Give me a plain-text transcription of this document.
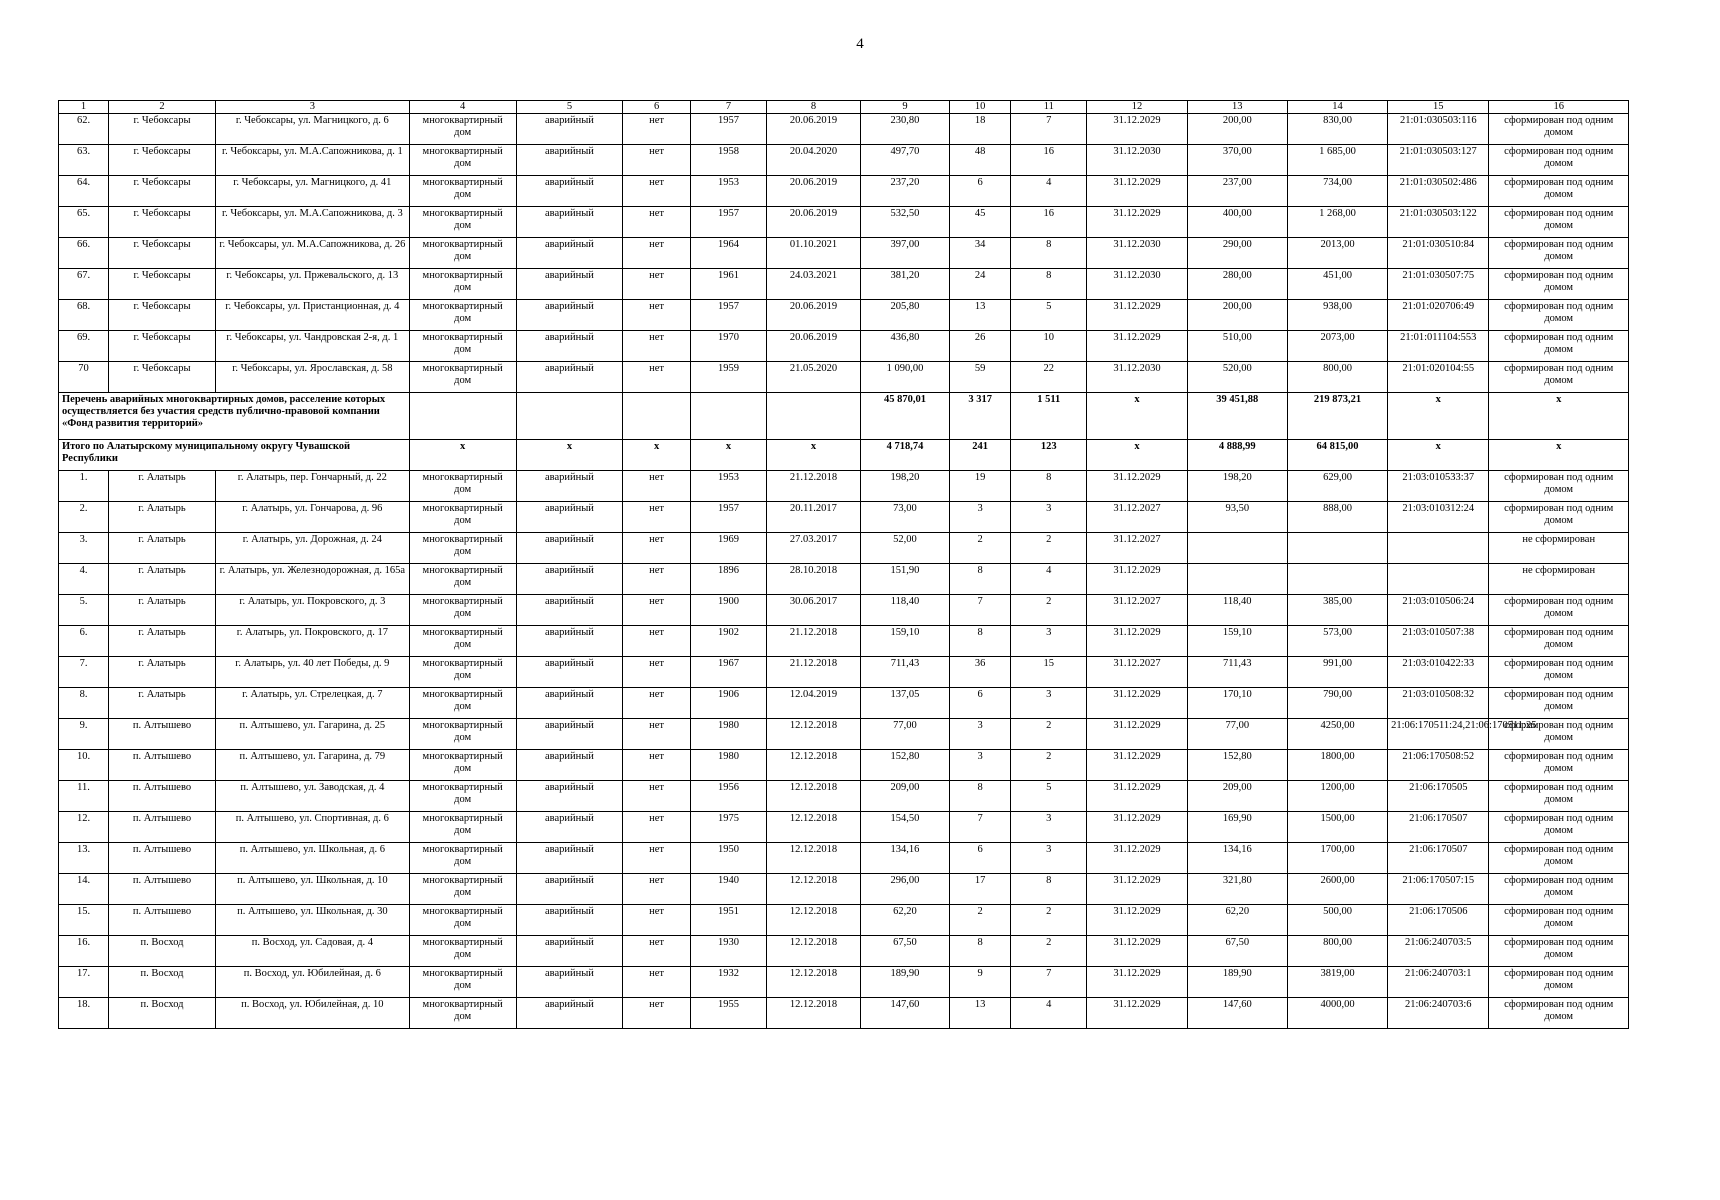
4
1	2	3	4	5	6	7	8	9	10	11	12	13	14	15	16
62.	г. Чебоксары	г. Чебоксары, ул. Магницкого, д. 6	многоквартирный дом	аварийный	нет	1957	20.06.2019	230,80	18	7	31.12.2029	200,00	830,00	21:01:030503:116	сформирован под одним домом
63.	г. Чебоксары	г. Чебоксары, ул. М.А.Сапожникова, д. 1	многоквартирный дом	аварийный	нет	1958	20.04.2020	497,70	48	16	31.12.2030	370,00	1 685,00	21:01:030503:127	сформирован под одним домом
64.	г. Чебоксары	г. Чебоксары, ул. Магницкого, д. 41	многоквартирный дом	аварийный	нет	1953	20.06.2019	237,20	6	4	31.12.2029	237,00	734,00	21:01:030502:486	сформирован под одним домом
65.	г. Чебоксары	г. Чебоксары, ул. М.А.Сапожникова, д. 3	многоквартирный дом	аварийный	нет	1957	20.06.2019	532,50	45	16	31.12.2029	400,00	1 268,00	21:01:030503:122	сформирован под одним домом
66.	г. Чебоксары	г. Чебоксары, ул. М.А.Сапожникова, д. 26	многоквартирный дом	аварийный	нет	1964	01.10.2021	397,00	34	8	31.12.2030	290,00	2013,00	21:01:030510:84	сформирован под одним домом
67.	г. Чебоксары	г. Чебоксары, ул. Пржевальского, д. 13	многоквартирный дом	аварийный	нет	1961	24.03.2021	381,20	24	8	31.12.2030	280,00	451,00	21:01:030507:75	сформирован под одним домом
68.	г. Чебоксары	г. Чебоксары, ул. Пристанционная, д. 4	многоквартирный дом	аварийный	нет	1957	20.06.2019	205,80	13	5	31.12.2029	200,00	938,00	21:01:020706:49	сформирован под одним домом
69.	г. Чебоксары	г. Чебоксары, ул. Чандровская 2-я, д. 1	многоквартирный дом	аварийный	нет	1970	20.06.2019	436,80	26	10	31.12.2029	510,00	2073,00	21:01:011104:553	сформирован под одним домом
70	г. Чебоксары	г. Чебоксары, ул. Ярославская, д. 58	многоквартирный дом	аварийный	нет	1959	21.05.2020	1 090,00	59	22	31.12.2030	520,00	800,00	21:01:020104:55	сформирован под одним домом
Перечень аварийных многоквартирных домов, расселение которых осуществляется без участия средств публично-правовой компании «Фонд развития территорий»								45 870,01	3 317	1 511	x	39 451,88	219 873,21	x	x
Итого по Алатырскому муниципальному округу Чувашской Республики			x	x	x	x	x	4 718,74	241	123	x	4 888,99	64 815,00	x	x
1.	г. Алатырь	г. Алатырь, пер. Гончарный, д. 22	многоквартирный дом	аварийный	нет	1953	21.12.2018	198,20	19	8	31.12.2029	198,20	629,00	21:03:010533:37	сформирован под одним домом
2.	г. Алатырь	г. Алатырь, ул. Гончарова, д. 96	многоквартирный дом	аварийный	нет	1957	20.11.2017	73,00	3	3	31.12.2027	93,50	888,00	21:03:010312:24	сформирован под одним домом
3.	г. Алатырь	г. Алатырь, ул. Дорожная, д. 24	многоквартирный дом	аварийный	нет	1969	27.03.2017	52,00	2	2	31.12.2027				не сформирован
4.	г. Алатырь	г. Алатырь, ул. Железнодорожная, д. 165а	многоквартирный дом	аварийный	нет	1896	28.10.2018	151,90	8	4	31.12.2029				не сформирован
5.	г. Алатырь	г. Алатырь, ул. Покровского, д. 3	многоквартирный дом	аварийный	нет	1900	30.06.2017	118,40	7	2	31.12.2027	118,40	385,00	21:03:010506:24	сформирован под одним домом
6.	г. Алатырь	г. Алатырь, ул. Покровского, д. 17	многоквартирный дом	аварийный	нет	1902	21.12.2018	159,10	8	3	31.12.2029	159,10	573,00	21:03:010507:38	сформирован под одним домом
7.	г. Алатырь	г. Алатырь, ул. 40 лет Победы, д. 9	многоквартирный дом	аварийный	нет	1967	21.12.2018	711,43	36	15	31.12.2027	711,43	991,00	21:03:010422:33	сформирован под одним домом
8.	г. Алатырь	г. Алатырь, ул. Стрелецкая, д. 7	многоквартирный дом	аварийный	нет	1906	12.04.2019	137,05	6	3	31.12.2029	170,10	790,00	21:03:010508:32	сформирован под одним домом
9.	п. Алтышево	п. Алтышево, ул. Гагарина, д. 25	многоквартирный дом	аварийный	нет	1980	12.12.2018	77,00	3	2	31.12.2029	77,00	4250,00	21:06:170511:24,21:06:170511:25	сформирован под одним домом
10.	п. Алтышево	п. Алтышево, ул. Гагарина, д. 79	многоквартирный дом	аварийный	нет	1980	12.12.2018	152,80	3	2	31.12.2029	152,80	1800,00	21:06:170508:52	сформирован под одним домом
11.	п. Алтышево	п. Алтышево, ул. Заводская, д. 4	многоквартирный дом	аварийный	нет	1956	12.12.2018	209,00	8	5	31.12.2029	209,00	1200,00	21:06:170505	сформирован под одним домом
12.	п. Алтышево	п. Алтышево, ул. Спортивная, д. 6	многоквартирный дом	аварийный	нет	1975	12.12.2018	154,50	7	3	31.12.2029	169,90	1500,00	21:06:170507	сформирован под одним домом
13.	п. Алтышево	п. Алтышево, ул. Школьная, д. 6	многоквартирный дом	аварийный	нет	1950	12.12.2018	134,16	6	3	31.12.2029	134,16	1700,00	21:06:170507	сформирован под одним домом
14.	п. Алтышево	п. Алтышево, ул. Школьная, д. 10	многоквартирный дом	аварийный	нет	1940	12.12.2018	296,00	17	8	31.12.2029	321,80	2600,00	21:06:170507:15	сформирован под одним домом
15.	п. Алтышево	п. Алтышево, ул. Школьная, д. 30	многоквартирный дом	аварийный	нет	1951	12.12.2018	62,20	2	2	31.12.2029	62,20	500,00	21:06:170506	сформирован под одним домом
16.	п. Восход	п. Восход, ул. Садовая, д. 4	многоквартирный дом	аварийный	нет	1930	12.12.2018	67,50	8	2	31.12.2029	67,50	800,00	21:06:240703:5	сформирован под одним домом
17.	п. Восход	п. Восход, ул. Юбилейная, д. 6	многоквартирный дом	аварийный	нет	1932	12.12.2018	189,90	9	7	31.12.2029	189,90	3819,00	21:06:240703:1	сформирован под одним домом
18.	п. Восход	п. Восход, ул. Юбилейная, д. 10	многоквартирный дом	аварийный	нет	1955	12.12.2018	147,60	13	4	31.12.2029	147,60	4000,00	21:06:240703:6	сформирован под одним домом
